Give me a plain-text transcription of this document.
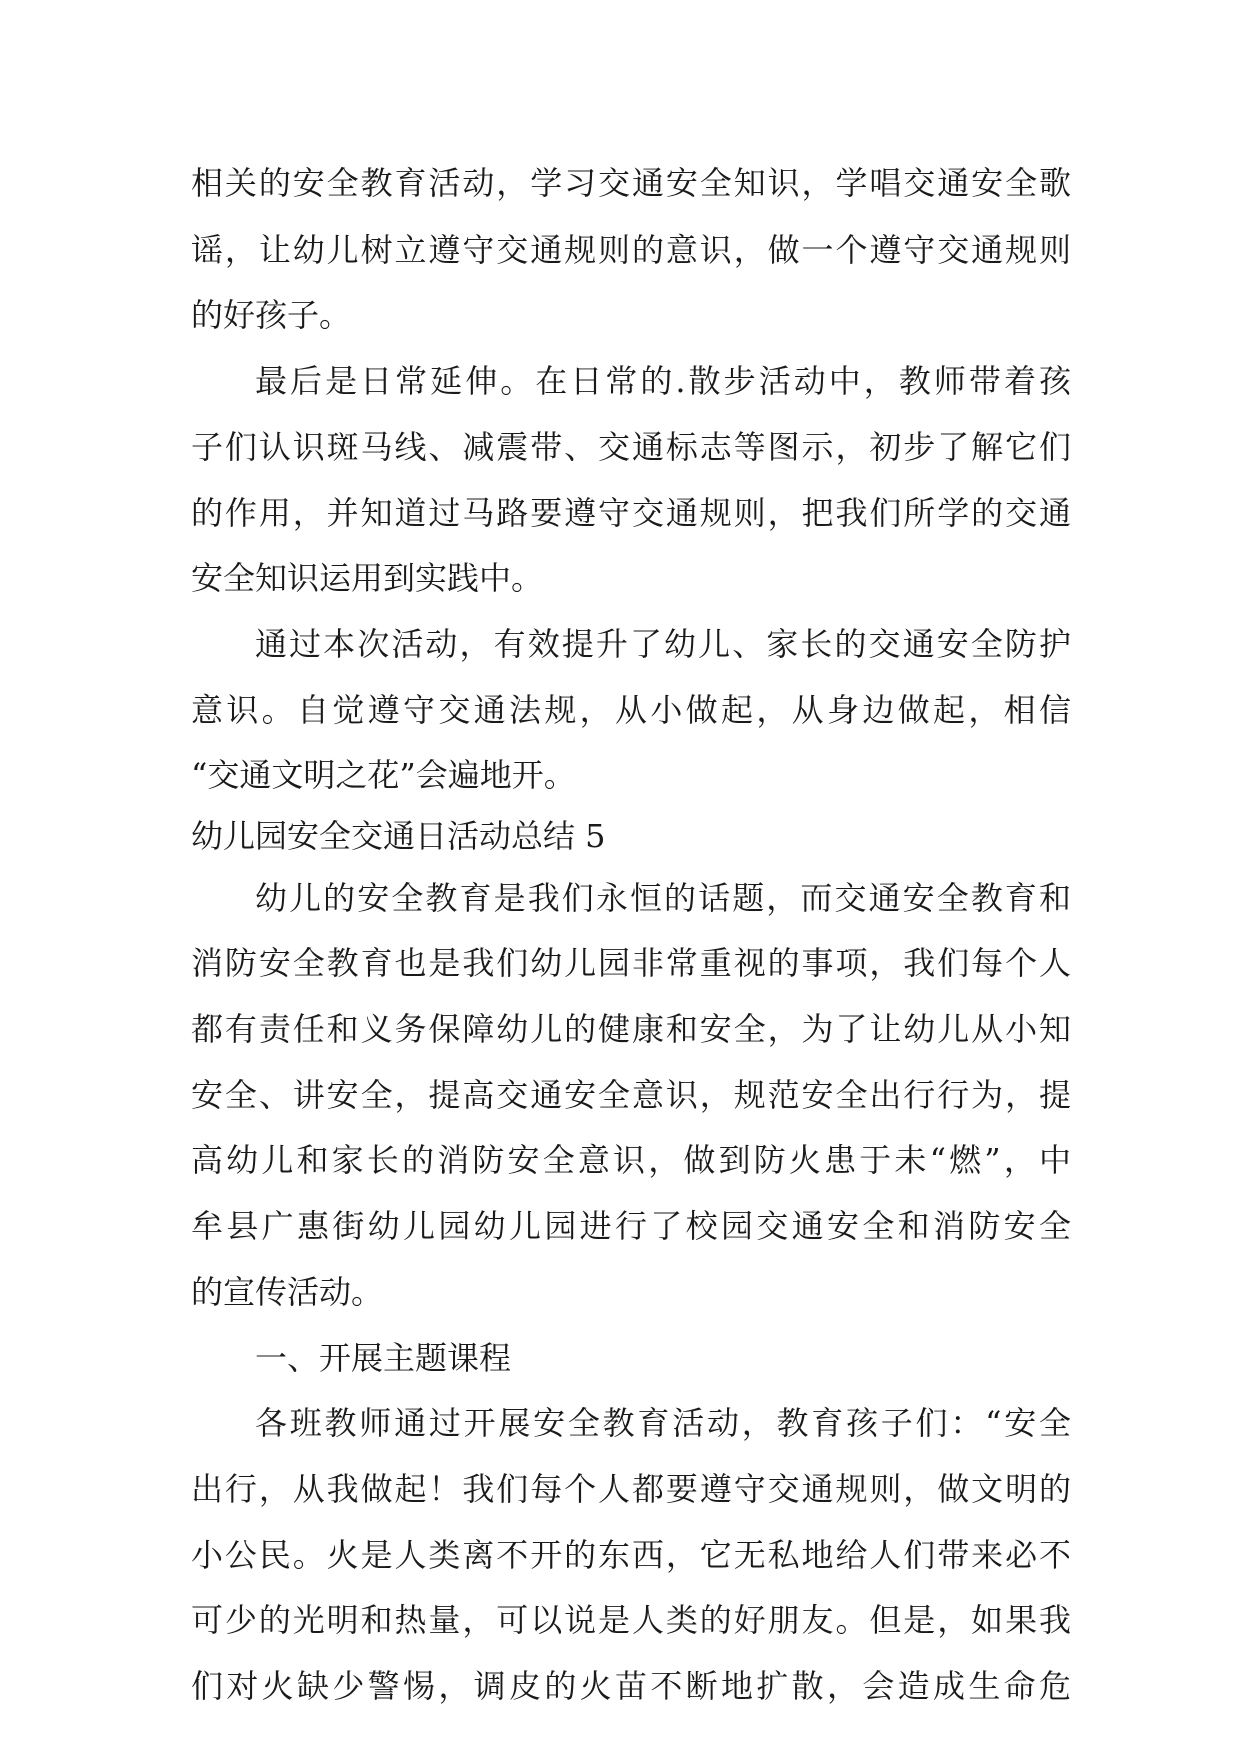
相关的安全教育活动，学习交通安全知识，学唱交通安全歌
谣，让幼儿树立遵守交通规则的意识，做一个遵守交通规则
的好孩子。
最后是日常延伸。在日常的.散步活动中，教师带着孩
子们认识斑马线、减震带、交通标志等图示，初步了解它们
的作用，并知道过马路要遵守交通规则，把我们所学的交通
安全知识运用到实践中。
通过本次活动，有效提升了幼儿、家长的交通安全防护
意识。自觉遵守交通法规，从小做起，从身边做起，相信
“交通文明之花”会遍地开。
幼儿园安全交通日活动总结 5
幼儿的安全教育是我们永恒的话题，而交通安全教育和
消防安全教育也是我们幼儿园非常重视的事项，我们每个人
都有责任和义务保障幼儿的健康和安全，为了让幼儿从小知
安全、讲安全，提高交通安全意识，规范安全出行行为，提
高幼儿和家长的消防安全意识，做到防火患于未“燃”，中
牟县广惠街幼儿园幼儿园进行了校园交通安全和消防安全
的宣传活动。
一、开展主题课程
各班教师通过开展安全教育活动，教育孩子们：“安全
出行，从我做起！我们每个人都要遵守交通规则，做文明的
小公民。火是人类离不开的东西，它无私地给人们带来必不
可少的光明和热量，可以说是人类的好朋友。但是，如果我
们对火缺少警惕，调皮的火苗不断地扩散，会造成生命危
